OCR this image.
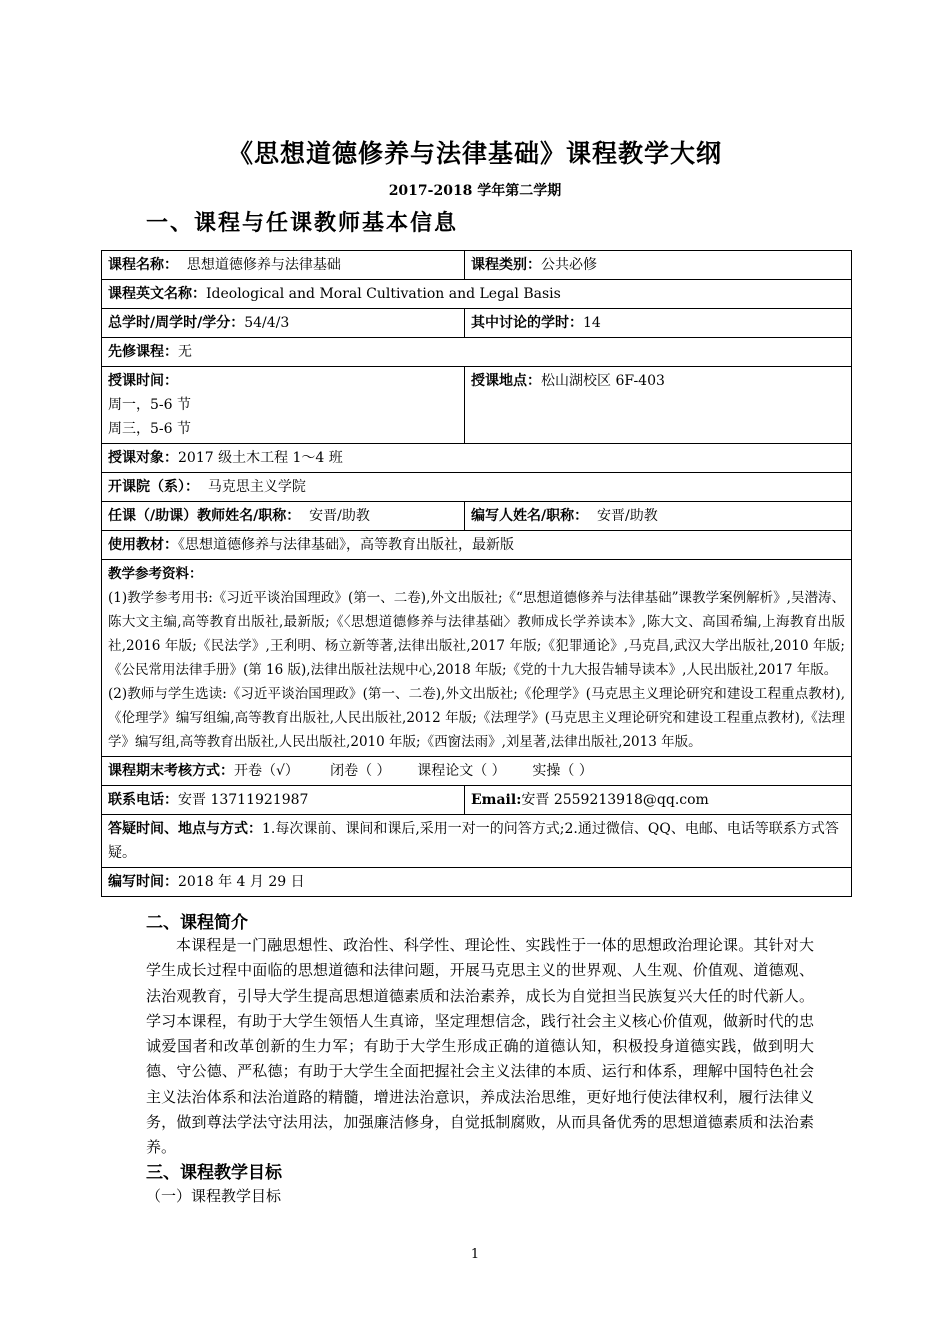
《思想道德修养与法律基础》课程教学大纲
2017-2018 学年第二学期
一、课程与任课教师基本信息
课程名称：  思想道德修养与法律基础	课程类别：公共必修
课程英文名称：Ideological and Moral Cultivation and Legal Basis	
总学时/周学时/学分：54/4/3	其中讨论的学时：14
先修课程：无	

授课时间：
周一，5-6 节
周三，5-6 节	授课地点：松山湖校区 6F-403
授课对象：2017 级土木工程 1～4 班	
开课院（系）：  马克思主义学院	
任课（/助课）教师姓名/职称：  安晋/助教	编写人姓名/职称：  安晋/助教
使用教材：《思想道德修养与法律基础》，高等教育出版社，最新版	

教学参考资料：
(1)教学参考用书:《习近平谈治国理政》(第一、二卷),外文出版社;《“思想道德修养与法律基础”课教学案例解析》,吴潜涛、陈大文主编,高等教育出版社,最新版;《〈思想道德修养与法律基础〉教师成长学养读本》,陈大文、高国希编,上海教育出版社,2016 年版;《民法学》,王利明、杨立新等著,法律出版社,2017 年版;《犯罪通论》,马克昌,武汉大学出版社,2010 年版;《公民常用法律手册》(第 16 版),法律出版社法规中心,2018 年版;《党的十九大报告辅导读本》,人民出版社,2017 年版。
(2)教师与学生选读:《习近平谈治国理政》(第一、二卷),外文出版社;《伦理学》(马克思主义理论研究和建设工程重点教材),《伦理学》编写组编,高等教育出版社,人民出版社,2012 年版;《法理学》(马克思主义理论研究和建设工程重点教材),《法理学》编写组,高等教育出版社,人民出版社,2010 年版;《西窗法雨》,刘星著,法律出版社,2013 年版。	

课程期末考核方式：开卷（√）       闭卷（ ）      课程论文（ ）      实操（ ）	
联系电话：安晋 13711921987	Email:安晋 2559213918@qq.com
答疑时间、地点与方式：1.每次课前、课间和课后,采用一对一的问答方式;2.通过微信、QQ、电邮、电话等联系方式答疑。	
编写时间：2018 年 4 月 29 日	
二、课程简介
本课程是一门融思想性、政治性、科学性、理论性、实践性于一体的思想政治理论课。其针对大学生成长过程中面临的思想道德和法律问题，开展马克思主义的世界观、人生观、价值观、道德观、法治观教育，引导大学生提高思想道德素质和法治素养，成长为自觉担当民族复兴大任的时代新人。学习本课程，有助于大学生领悟人生真谛，坚定理想信念，践行社会主义核心价值观，做新时代的忠诚爱国者和改革创新的生力军；有助于大学生形成正确的道德认知，积极投身道德实践，做到明大德、守公德、严私德；有助于大学生全面把握社会主义法律的本质、运行和体系，理解中国特色社会主义法治体系和法治道路的精髓，增进法治意识，养成法治思维，更好地行使法律权利，履行法律义务，做到尊法学法守法用法，加强廉洁修身，自觉抵制腐败，从而具备优秀的思想道德素质和法治素养。
三、课程教学目标
（一）课程教学目标
1
